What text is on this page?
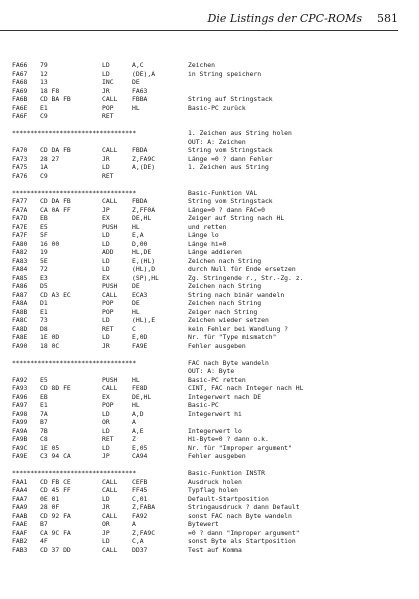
Die Listings der CPC-ROMs 581
FA66 79	LD	A,C	Zeichen
FA67 12	LD	(DE),A	in String speichern
FA68 13	INC	DE
FA69 18 F8	JR	FA63
FA6B CD BA FB	CALL FBBA	String auf Stringstack
FA6E E1	POP	HL	Basic-PC zurück
FA6F C9	RET
**********************************	1. Zeichen aus String holen
OUT: A: Zeichen
FA70 CD DA FB	CALL FBDA	String vom Stringstack
FA73 28 27	JR	Z,FA9C	Länge =0 ? dann Fehler
FA75 1A	LD	A,(DE)	1. Zeichen aus String
FA76 C9	RET
**********************************	Basic-Funktion VAL
FA77 CD DA FB	CALL FBDA	String vom Stringstack
FA7A CA 0A FF	JP	Z,FF0A	Länge=0 ? dann FAC=0
FA7D EB	EX	DE,HL	Zeiger auf String nach HL
FA7E E5	PUSH HL	und retten
FA7F 5F	LD	E,A	Länge lo
FA80 16 00	LD	D,00	Länge hi=0
FA82 19	ADD	HL,DE	Länge addieren
FA83 5E	LD	E,(HL)	Zeichen nach String
FA84 72	LD	(HL),D	durch Null für Ende ersetzen
FA85 E3	EX	(SP),HL	Zg. Stringende r., Str.-Zg. z.
FA86 D5	PUSH DE	Zeichen nach String
FA87 CD A3 EC	CALL ECA3	String nach binär wandeln
FA8A D1	POP	DE	Zeichen nach String
FA8B E1	POP	HL	Zeiger nach String
FA8C 73	LD	(HL),E	Zeichen wieder setzen
FA8D D8	RET	C	kein Fehler bei Wandlung ?
FA8E 1E 0D	LD	E,0D	Nr. für "Type mismatch"
FA90 18 0C	JR	FA9E	Fehler ausgeben
**********************************	FAC nach Byte wandeln
OUT: A: Byte
FA92 E5	PUSH HL	Basic-PC retten
FA93 CD 8D FE	CALL FE8D	CINT, FAC nach Integer nach HL
FA96 EB	EX	DE,HL	Integerwert nach DE
FA97 E1	POP	HL	Basic-PC
FA98 7A	LD	A,D	Integerwert hi
FA99 B7	OR	A
FA9A 7B	LD	A,E	Integerwert lo
FA9B C8	RET	Z	Hi-Byte=0 ? dann o.k.
FA9C 1E 05	LD	E,05	Nr. für "Improper argument"
FA9E C3 94 CA	JP	CA94	Fehler ausgeben
**********************************	Basic-Funktion INSTR
FAA1 CD FB CE	CALL CEFB	Ausdruck holen
FAA4 CD 45 FF	CALL FF45	Typflag holen
FAA7 0E 01	LD	C,01	Default-Startposition
FAA9 28 0F	JR	Z,FABA	Stringausdruck ? dann Default
FAAB CD 92 FA	CALL FA92	sonst FAC nach Byte wandeln
FAAE B7	OR	A	Bytewert
FAAF CA 9C FA	JP	Z,FA9C	=0 ? dann "Improper argument"
FAB2 4F	LD	C,A	sonst Byte als Startposition
FAB3 CD 37 DD	CALL DD37	Test auf Komma
